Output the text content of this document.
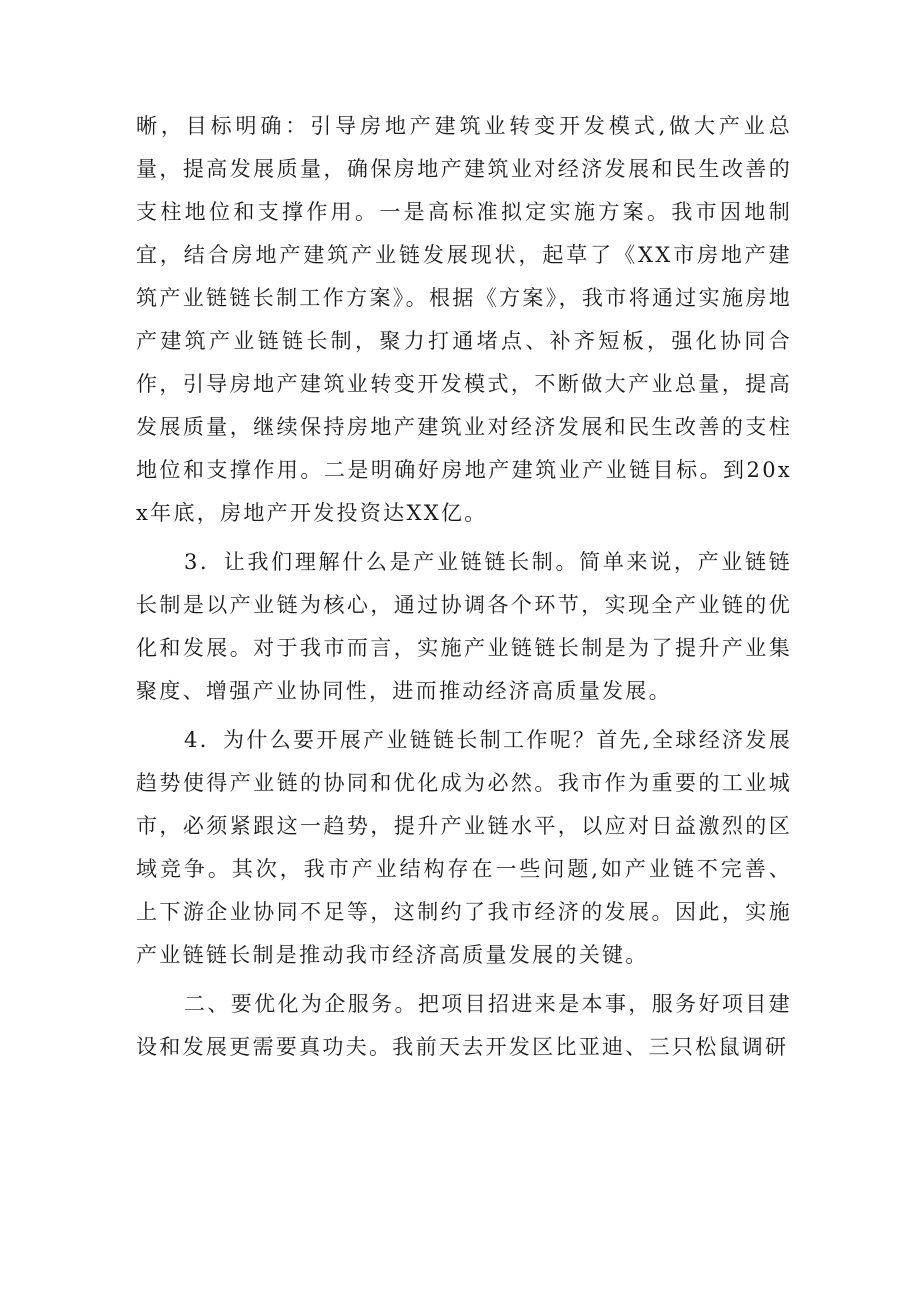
晰，目标明确：引导房地产建筑业转变开发模式,做大产业总量，提高发展质量，确保房地产建筑业对经济发展和民生改善的支柱地位和支撑作用。一是高标准拟定实施方案。我市因地制宜，结合房地产建筑产业链发展现状，起草了《XX市房地产建筑产业链链长制工作方案》。根据《方案》，我市将通过实施房地产建筑产业链链长制，聚力打通堵点、补齐短板，强化协同合作，引导房地产建筑业转变开发模式，不断做大产业总量，提高发展质量，继续保持房地产建筑业对经济发展和民生改善的支柱地位和支撑作用。二是明确好房地产建筑业产业链目标。到20xx年底，房地产开发投资达XX亿。

3．让我们理解什么是产业链链长制。简单来说，产业链链长制是以产业链为核心，通过协调各个环节，实现全产业链的优化和发展。对于我市而言，实施产业链链长制是为了提升产业集聚度、增强产业协同性，进而推动经济高质量发展。

4．为什么要开展产业链链长制工作呢？首先,全球经济发展趋势使得产业链的协同和优化成为必然。我市作为重要的工业城市，必须紧跟这一趋势，提升产业链水平，以应对日益激烈的区域竞争。其次，我市产业结构存在一些问题,如产业链不完善、上下游企业协同不足等，这制约了我市经济的发展。因此，实施产业链链长制是推动我市经济高质量发展的关键。

二、要优化为企服务。把项目招进来是本事，服务好项目建设和发展更需要真功夫。我前天去开发区比亚迪、三只松鼠调研
